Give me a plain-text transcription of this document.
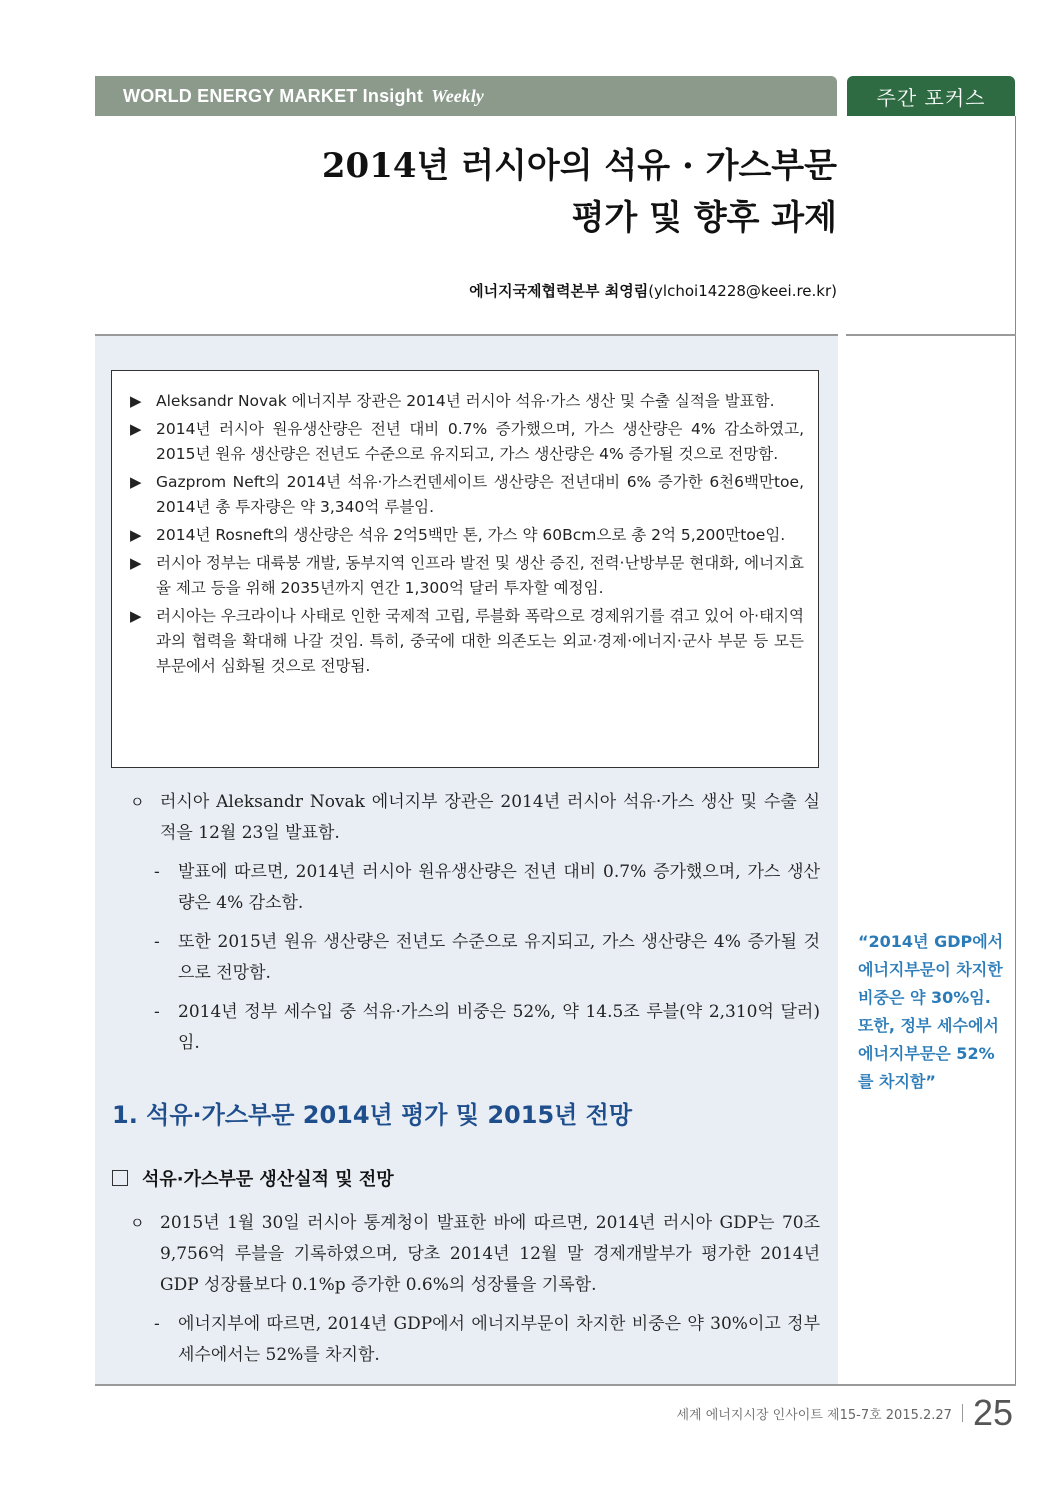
WORLD ENERGY MARKET Insight Weekly	주간 포커스
2014년 러시아의 석유 · 가스부문
평가 및 향후 과제
에너지국제협력본부 최영림(ylchoi14228@keei.re.kr)
▶ Aleksandr Novak 에너지부 장관은 2014년 러시아 석유·가스 생산 및 수출 실적을 발표함.
▶ 2014년 러시아 원유생산량은 전년 대비 0.7% 증가했으며, 가스 생산량은 4% 감소하였고, 2015년 원유 생산량은 전년도 수준으로 유지되고, 가스 생산량은 4% 증가될 것으로 전망함.
▶ Gazprom Neft의 2014년 석유·가스컨덴세이트 생산량은 전년대비 6% 증가한 6천6백만toe, 2014년 총 투자량은 약 3,340억 루블임.
▶ 2014년 Rosneft의 생산량은 석유 2억5백만 톤, 가스 약 60Bcm으로 총 2억 5,200만toe임.
▶ 러시아 정부는 대륙붕 개발, 동부지역 인프라 발전 및 생산 증진, 전력·난방부문 현대화, 에너지효율 제고 등을 위해 2035년까지 연간 1,300억 달러 투자할 예정임.
▶ 러시아는 우크라이나 사태로 인한 국제적 고립, 루블화 폭락으로 경제위기를 겪고 있어 아·태지역과의 협력을 확대해 나갈 것임. 특히, 중국에 대한 의존도는 외교·경제·에너지·군사 부문 등 모든 부문에서 심화될 것으로 전망됨.
ㅇ 러시아 Aleksandr Novak 에너지부 장관은 2014년 러시아 석유·가스 생산 및 수출 실적을 12월 23일 발표함.
-	발표에 따르면, 2014년 러시아 원유생산량은 전년 대비 0.7% 증가했으며, 가스 생산량은 4% 감소함.
-	또한 2015년 원유 생산량은 전년도 수준으로 유지되고, 가스 생산량은 4% 증가될 것으로 전망함.
-	2014년 정부 세수입 중 석유·가스의 비중은 52%, 약 14.5조 루블(약 2,310억 달러)임.
1. 석유·가스부문 2014년 평가 및 2015년 전망
석유·가스부문 생산실적 및 전망
ㅇ 2015년 1월 30일 러시아 통계청이 발표한 바에 따르면, 2014년 러시아 GDP는 70조 9,756억 루블을 기록하였으며, 당초 2014년 12월 말 경제개발부가 평가한 2014년 GDP 성장률보다 0.1%p 증가한 0.6%의 성장률을 기록함.
-	에너지부에 따르면, 2014년 GDP에서 에너지부문이 차지한 비중은 약 30%이고 정부세수에서는 52%를 차지함.
“2014년 GDP에서 에너지부문이 차지한 비중은 약 30%임. 또한, 정부 세수에서 에너지부문은 52%를 차지함”
세계 에너지시장 인사이트 제15-7호 2015.2.27 25
